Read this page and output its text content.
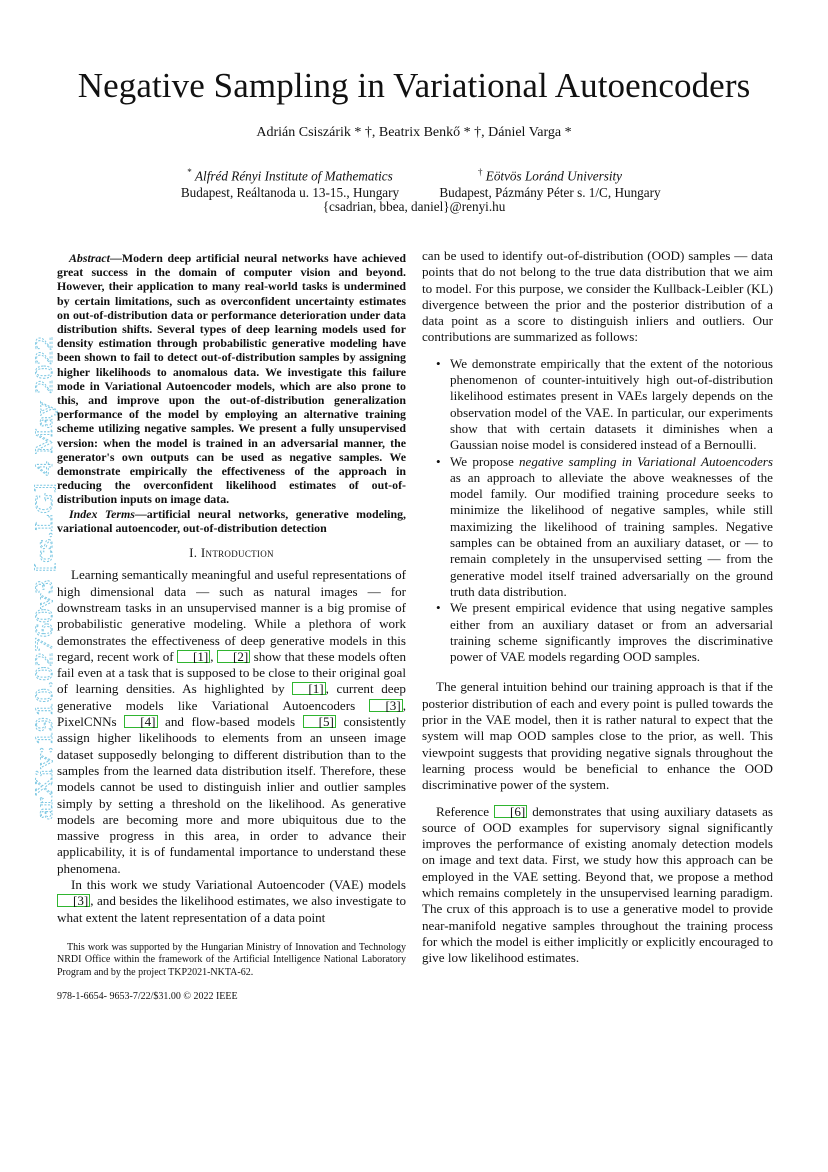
Negative Sampling in Variational Autoencoders
Adrián Csiszárik * †, Beatrix Benkő * †, Dániel Varga *
* Alfréd Rényi Institute of Mathematics
Budapest, Reáltanoda u. 13-15., Hungary
† Eötvös Loránd University
Budapest, Pázmány Péter s. 1/C, Hungary
{csadrian, bbea, daniel}@renyi.hu
arXiv:1910.02760v3 [cs.LG] 4 May 2022

Abstract—Modern deep artificial neural networks have achieved great success in the domain of computer vision and beyond. However, their application to many real-world tasks is undermined by certain limitations, such as overconfident uncertainty estimates on out-of-distribution data or performance deterioration under data distribution shifts. Several types of deep learning models used for density estimation through probabilistic generative modeling have been shown to fail to detect out-of-distribution samples by assigning higher likelihoods to anomalous data. We investigate this failure mode in Variational Autoencoder models, which are also prone to this, and improve upon the out-of-distribution generalization performance of the model by employing an alternative training scheme utilizing negative samples. We present a fully unsupervised version: when the model is trained in an adversarial manner, the generator's own outputs can be used as negative samples. We demonstrate empirically the effectiveness of the approach in reducing the overconfident likelihood estimates of out-of-distribution inputs on image data.

Index Terms—artificial neural networks, generative modeling, variational autoencoder, out-of-distribution detection

I. Introduction

Learning semantically meaningful and useful representations of high dimensional data — such as natural images — for downstream tasks in an unsupervised manner is a big promise of probabilistic generative modeling. While a plethora of work demonstrates the effectiveness of deep generative models in this regard, recent work of [1] , [2] show that these models often fail even at a task that is supposed to be close to their original goal of learning densities. As highlighted by [1] , current deep generative models like Variational Autoencoders [3] , PixelCNNs [4] and flow-based models [5] consistently assign higher likelihoods to elements from an unseen image dataset supposedly belonging to different distribution than to the samples from the learned data distribution itself. Therefore, these models cannot be used to distinguish inlier and outlier samples simply by setting a threshold on the likelihood. As generative models are becoming more and more ubiquitous due to the massive progress in this area, in order to advance their applicability, it is of fundamental importance to understand these phenomena.

In this work we study Variational Autoencoder (VAE) models [3] , and besides the likelihood estimates, we also investigate to what extent the latent representation of a data point

can be used to identify out-of-distribution (OOD) samples — data points that do not belong to the true data distribution that we aim to model. For this purpose, we consider the Kullback-Leibler (KL) divergence between the prior and the posterior distribution of a data point as a score to distinguish inliers and outliers. Our contributions are summarized as follows:

• We demonstrate empirically that the extent of the notorious phenomenon of counter-intuitively high out-of-distribution likelihood estimates present in VAEs largely depends on the observation model of the VAE. In particular, our experiments show that with certain datasets it diminishes when a Gaussian noise model is considered instead of a Bernoulli.
• We propose negative sampling in Variational Autoencoders as an approach to alleviate the above weaknesses of the model family. Our modified training procedure seeks to minimize the likelihood of negative samples, while still maximizing the likelihood of training samples. Negative samples can be obtained from an auxiliary dataset, or — to remain completely in the unsupervised setting — from the generative model itself trained adversarially on the ground truth data distribution.
• We present empirical evidence that using negative samples either from an auxiliary dataset or from an adversarial training scheme significantly improves the discriminative power of VAE models regarding OOD samples.

The general intuition behind our training approach is that if the posterior distribution of each and every point is pulled towards the prior in the VAE model, then it is rather natural to expect that the system will map OOD samples close to the prior, as well. This viewpoint suggests that providing negative signals throughout the learning process would be beneficial to enhance the OOD discriminative power of the system.

Reference [6] demonstrates that using auxiliary datasets as source of OOD examples for supervisory signal significantly improves the performance of existing anomaly detection models on image and text data. First, we study how this approach can be employed in the VAE setting. Beyond that, we propose a method which remains completely in the unsupervised learning paradigm. The crux of this approach is to use a generative model to provide near-manifold negative samples throughout the training process for which the model is either implicitly or explicitly encouraged to give low likelihood estimates.

This work was supported by the Hungarian Ministry of Innovation and Technology NRDI Office within the framework of the Artificial Intelligence National Laboratory Program and by the project TKP2021-NKTA-62.
978-1-6654- 9653-7/22/$31.00 © 2022 IEEE
